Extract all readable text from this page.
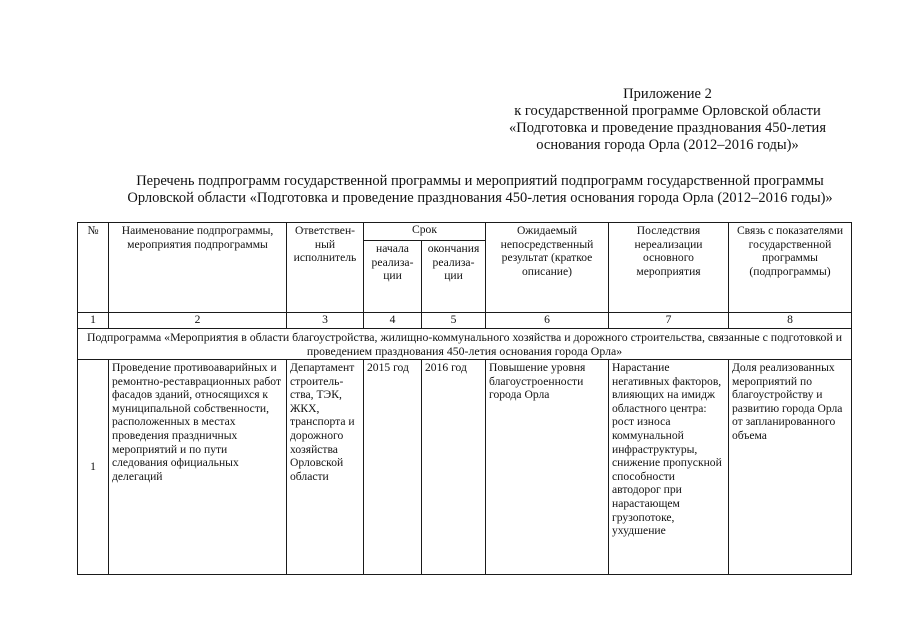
Приложение 2
к государственной программе Орловской области
«Подготовка и проведение празднования 450-летия
основания города Орла (2012–2016 годы)»
Перечень подпрограмм государственной программы и мероприятий подпрограмм государственной программы
Орловской области «Подготовка и проведение празднования 450-летия основания города Орла (2012–2016 годы)»
№	Наименование подпрограммы, мероприятия подпрограммы	Ответствен-ный исполнитель	Срок		Ожидаемый непосредственный результат (краткое описание)	Последствия нереализации основного мероприятия	Связь с показателями государственной программы (подпрограммы)
			начала реализа-ции	окончания реализа-ции			
1	2	3	4	5	6	7	8
Подпрограмма «Мероприятия в области благоустройства, жилищно-коммунального хозяйства и дорожного строительства, связанные с подготовкой и проведением празднования 450-летия основания города Орла»							
1	Проведение противоаварийных и ремонтно-реставрационных работ фасадов зданий, относящихся к муниципальной собственности, расположенных в местах проведения праздничных мероприятий и по пути следования официальных делегаций	Департамент строитель-ства, ТЭК, ЖКХ, транспорта и дорожного хозяйства Орловской области	2015 год	2016 год	Повышение уровня благоустроенности города Орла	Нарастание негативных факторов, влияющих на имидж областного центра: рост износа коммунальной инфраструктуры, снижение пропускной способности автодорог при нарастающем грузопотоке, ухудшение	Доля реализованных мероприятий по благоустройству и развитию города Орла от запланированного объема
